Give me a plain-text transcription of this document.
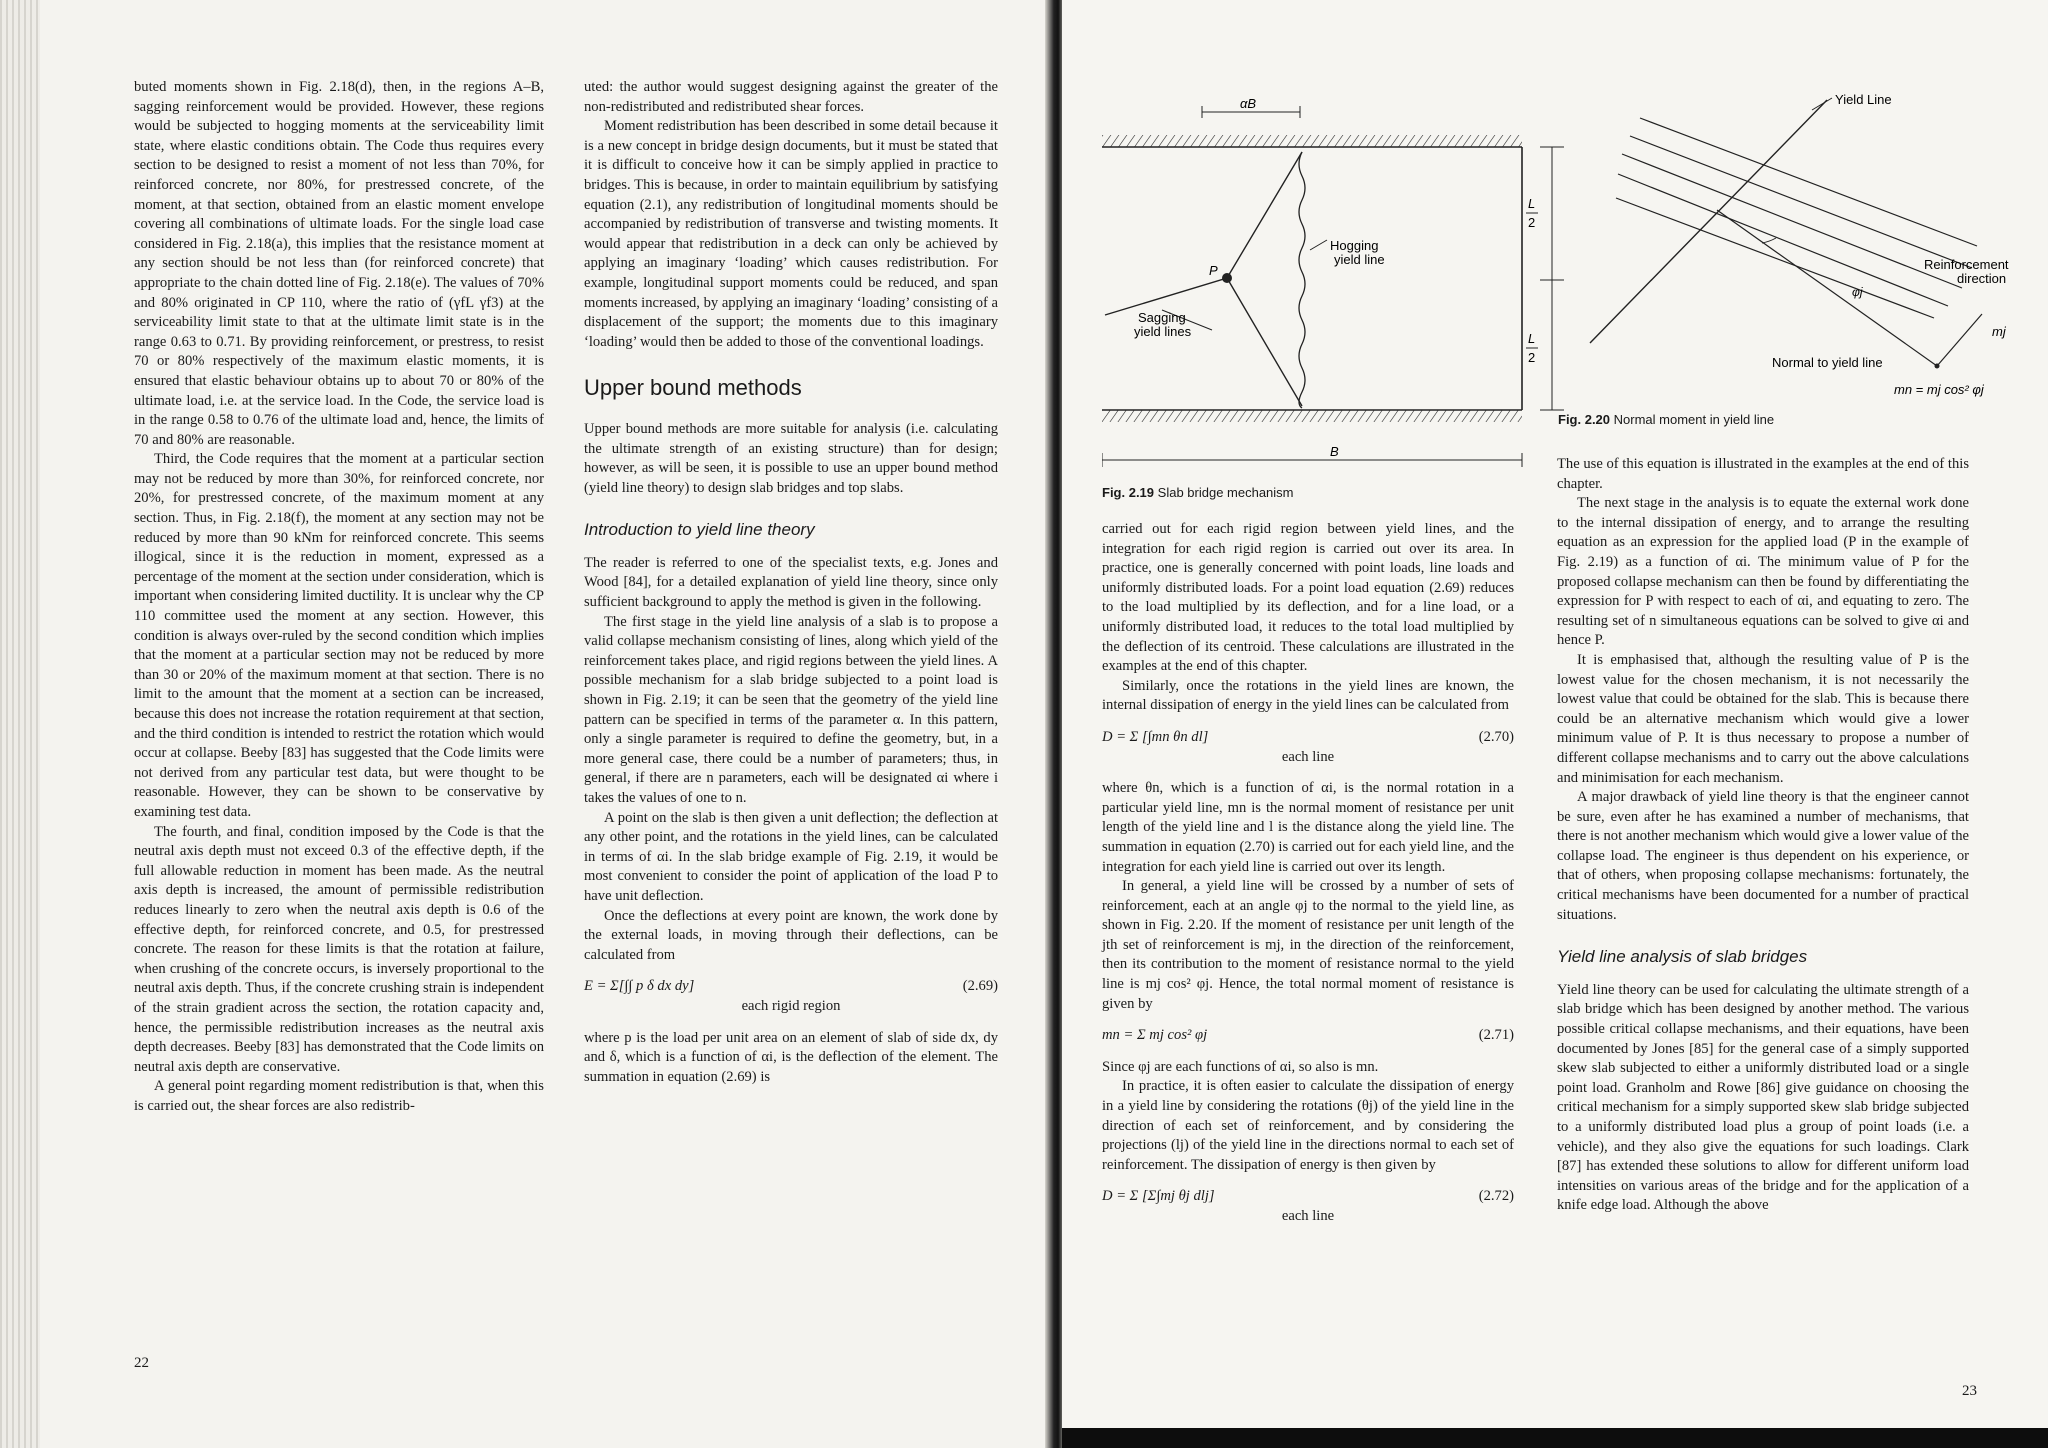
buted moments shown in Fig. 2.18(d), then, in the regions A–B, sagging reinforcement would be provided. However, these regions would be subjected to hogging moments at the serviceability limit state, where elastic conditions obtain. The Code thus requires every section to be designed to resist a moment of not less than 70%, for reinforced concrete, nor 80%, for prestressed concrete, of the moment, at that section, obtained from an elastic moment envelope covering all combinations of ultimate loads. For the single load case considered in Fig. 2.18(a), this implies that the resistance moment at any section should be not less than (for reinforced concrete) that appropriate to the chain dotted line of Fig. 2.18(e). The values of 70% and 80% originated in CP 110, where the ratio of (γfL γf3) at the serviceability limit state to that at the ultimate limit state is in the range 0.63 to 0.71. By providing reinforcement, or prestress, to resist 70 or 80% respectively of the maximum elastic moments, it is ensured that elastic behaviour obtains up to about 70 or 80% of the ultimate load, i.e. at the service load. In the Code, the service load is in the range 0.58 to 0.76 of the ultimate load and, hence, the limits of 70 and 80% are reasonable.

Third, the Code requires that the moment at a particular section may not be reduced by more than 30%, for reinforced concrete, nor 20%, for prestressed concrete, of the maximum moment at any section. Thus, in Fig. 2.18(f), the moment at any section may not be reduced by more than 90 kNm for reinforced concrete. This seems illogical, since it is the reduction in moment, expressed as a percentage of the moment at the section under consideration, which is important when considering limited ductility. It is unclear why the CP 110 committee used the moment at any section. However, this condition is always over-ruled by the second condition which implies that the moment at a particular section may not be reduced by more than 30 or 20% of the maximum moment at that section. There is no limit to the amount that the moment at a section can be increased, because this does not increase the rotation requirement at that section, and the third condition is intended to restrict the rotation which would occur at collapse. Beeby [83] has suggested that the Code limits were not derived from any particular test data, but were thought to be reasonable. However, they can be shown to be conservative by examining test data.

The fourth, and final, condition imposed by the Code is that the neutral axis depth must not exceed 0.3 of the effective depth, if the full allowable reduction in moment has been made. As the neutral axis depth is increased, the amount of permissible redistribution reduces linearly to zero when the neutral axis depth is 0.6 of the effective depth, for reinforced concrete, and 0.5, for prestressed concrete. The reason for these limits is that the rotation at failure, when crushing of the concrete occurs, is inversely proportional to the neutral axis depth. Thus, if the concrete crushing strain is independent of the strain gradient across the section, the rotation capacity and, hence, the permissible redistribution increases as the neutral axis depth decreases. Beeby [83] has demonstrated that the Code limits on neutral axis depth are conservative.

A general point regarding moment redistribution is that, when this is carried out, the shear forces are also redistrib-

uted: the author would suggest designing against the greater of the non-redistributed and redistributed shear forces.

Moment redistribution has been described in some detail because it is a new concept in bridge design documents, but it must be stated that it is difficult to conceive how it can be simply applied in practice to bridges. This is because, in order to maintain equilibrium by satisfying equation (2.1), any redistribution of longitudinal moments should be accompanied by redistribution of transverse and twisting moments. It would appear that redistribution in a deck can only be achieved by applying an imaginary ‘loading’ which causes redistribution. For example, longitudinal support moments could be reduced, and span moments increased, by applying an imaginary ‘loading’ consisting of a displacement of the support; the moments due to this imaginary ‘loading’ would then be added to those of the conventional loadings.

Upper bound methods

Upper bound methods are more suitable for analysis (i.e. calculating the ultimate strength of an existing structure) than for design; however, as will be seen, it is possible to use an upper bound method (yield line theory) to design slab bridges and top slabs.

Introduction to yield line theory

The reader is referred to one of the specialist texts, e.g. Jones and Wood [84], for a detailed explanation of yield line theory, since only sufficient background to apply the method is given in the following.

The first stage in the yield line analysis of a slab is to propose a valid collapse mechanism consisting of lines, along which yield of the reinforcement takes place, and rigid regions between the yield lines. A possible mechanism for a slab bridge subjected to a point load is shown in Fig. 2.19; it can be seen that the geometry of the yield line pattern can be specified in terms of the parameter α. In this pattern, only a single parameter is required to define the geometry, but, in a more general case, there could be a number of parameters; thus, in general, if there are n parameters, each will be designated αi where i takes the values of one to n.

A point on the slab is then given a unit deflection; the deflection at any other point, and the rotations in the yield lines, can be calculated in terms of αi. In the slab bridge example of Fig. 2.19, it would be most convenient to consider the point of application of the load P to have unit deflection.

Once the deflections at every point are known, the work done by the external loads, in moving through their deflections, can be calculated from

E = Σ[∫∫ p δ dx dy]	(2.69)
each rigid region

where p is the load per unit area on an element of slab of side dx, dy and δ, which is a function of αi, is the deflection of the element. The summation in equation (2.69) is

22
αB
B
L
2
L
2
P
Hogging
yield line
Sagging
yield lines
Fig. 2.19 Slab bridge mechanism
Yield Line
Reinforcement
direction
φj
mj
Normal to yield line
mn = mj cos² φj
Fig. 2.20 Normal moment in yield line

carried out for each rigid region between yield lines, and the integration for each rigid region is carried out over its area. In practice, one is generally concerned with point loads, line loads and uniformly distributed loads. For a point load equation (2.69) reduces to the load multiplied by its deflection, and for a line load, or a uniformly distributed load, it reduces to the total load multiplied by the deflection of its centroid. These calculations are illustrated in the examples at the end of this chapter.

Similarly, once the rotations in the yield lines are known, the internal dissipation of energy in the yield lines can be calculated from

D = Σ [∫mn θn dl]	(2.70)
each line

where θn, which is a function of αi, is the normal rotation in a particular yield line, mn is the normal moment of resistance per unit length of the yield line and l is the distance along the yield line. The summation in equation (2.70) is carried out for each yield line, and the integration for each yield line is carried out over its length.

In general, a yield line will be crossed by a number of sets of reinforcement, each at an angle φj to the normal to the yield line, as shown in Fig. 2.20. If the moment of resistance per unit length of the jth set of reinforcement is mj, in the direction of the reinforcement, then its contribution to the moment of resistance normal to the yield line is mj cos² φj. Hence, the total normal moment of resistance is given by

mn = Σ mj cos² φj	(2.71)

Since φj are each functions of αi, so also is mn.

In practice, it is often easier to calculate the dissipation of energy in a yield line by considering the rotations (θj) of the yield line in the direction of each set of reinforcement, and by considering the projections (lj) of the yield line in the directions normal to each set of reinforcement. The dissipation of energy is then given by

D = Σ [Σ∫mj θj dlj]	(2.72)
each line

The use of this equation is illustrated in the examples at the end of this chapter.

The next stage in the analysis is to equate the external work done to the internal dissipation of energy, and to arrange the resulting equation as an expression for the applied load (P in the example of Fig. 2.19) as a function of αi. The minimum value of P for the proposed collapse mechanism can then be found by differentiating the expression for P with respect to each of αi, and equating to zero. The resulting set of n simultaneous equations can be solved to give αi and hence P.

It is emphasised that, although the resulting value of P is the lowest value for the chosen mechanism, it is not necessarily the lowest value that could be obtained for the slab. This is because there could be an alternative mechanism which would give a lower minimum value of P. It is thus necessary to propose a number of different collapse mechanisms and to carry out the above calculations and minimisation for each mechanism.

A major drawback of yield line theory is that the engineer cannot be sure, even after he has examined a number of mechanisms, that there is not another mechanism which would give a lower value of the collapse load. The engineer is thus dependent on his experience, or that of others, when proposing collapse mechanisms: fortunately, the critical mechanisms have been documented for a number of practical situations.

Yield line analysis of slab bridges

Yield line theory can be used for calculating the ultimate strength of a slab bridge which has been designed by another method. The various possible critical collapse mechanisms, and their equations, have been documented by Jones [85] for the general case of a simply supported skew slab subjected to either a uniformly distributed load or a single point load. Granholm and Rowe [86] give guidance on choosing the critical mechanism for a simply supported skew slab bridge subjected to a uniformly distributed load plus a group of point loads (i.e. a vehicle), and they also give the equations for such loadings. Clark [87] has extended these solutions to allow for different uniform load intensities on various areas of the bridge and for the application of a knife edge load. Although the above

23
